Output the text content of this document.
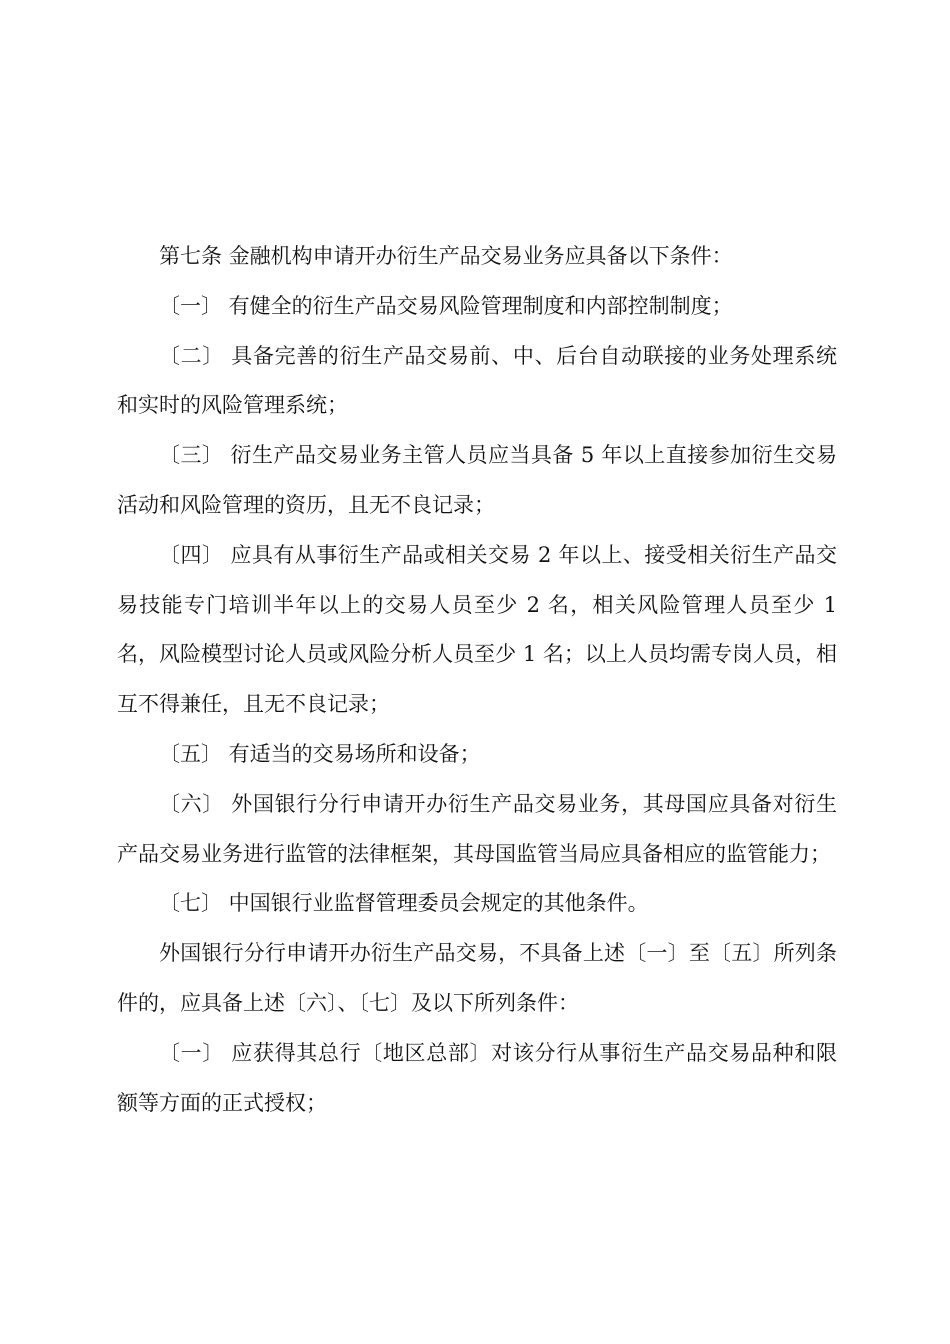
第七条 金融机构申请开办衍生产品交易业务应具备以下条件：

〔一〕 有健全的衍生产品交易风险管理制度和内部控制制度；

〔二〕 具备完善的衍生产品交易前、中、后台自动联接的业务处理系统和实时的风险管理系统；

〔三〕 衍生产品交易业务主管人员应当具备 5 年以上直接参加衍生交易活动和风险管理的资历，且无不良记录；

〔四〕 应具有从事衍生产品或相关交易 2 年以上、接受相关衍生产品交易技能专门培训半年以上的交易人员至少 2 名，相关风险管理人员至少 1 名，风险模型讨论人员或风险分析人员至少 1 名；以上人员均需专岗人员，相互不得兼任，且无不良记录；

〔五〕 有适当的交易场所和设备；

〔六〕 外国银行分行申请开办衍生产品交易业务，其母国应具备对衍生产品交易业务进行监管的法律框架，其母国监管当局应具备相应的监管能力；

〔七〕 中国银行业监督管理委员会规定的其他条件。

外国银行分行申请开办衍生产品交易，不具备上述〔一〕至〔五〕所列条件的，应具备上述〔六〕、〔七〕及以下所列条件：

〔一〕 应获得其总行〔地区总部〕对该分行从事衍生产品交易品种和限额等方面的正式授权；
